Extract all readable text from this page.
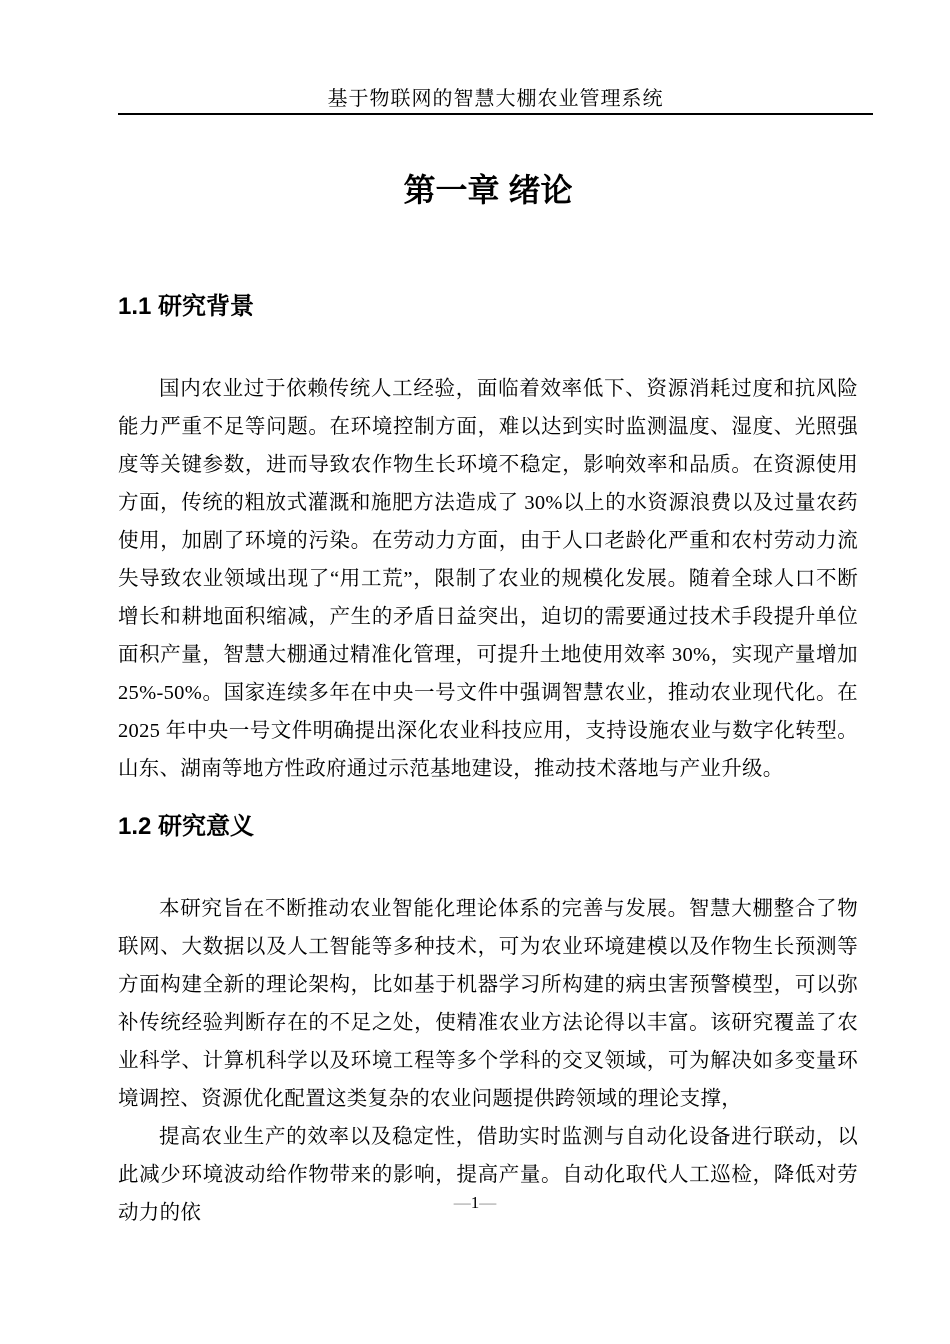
基于物联网的智慧大棚农业管理系统
第一章 绪论
1.1 研究背景

国内农业过于依赖传统人工经验，面临着效率低下、资源消耗过度和抗风险能力严重不足等问题。在环境控制方面，难以达到实时监测温度、湿度、光照强度等关键参数，进而导致农作物生长环境不稳定，影响效率和品质。在资源使用方面，传统的粗放式灌溉和施肥方法造成了 30%以上的水资源浪费以及过量农药使用，加剧了环境的污染。在劳动力方面，由于人口老龄化严重和农村劳动力流失导致农业领域出现了“用工荒”，限制了农业的规模化发展。随着全球人口不断增长和耕地面积缩减，产生的矛盾日益突出，迫切的需要通过技术手段提升单位面积产量，智慧大棚通过精准化管理，可提升土地使用效率 30%，实现产量增加 25%-50%。国家连续多年在中央一号文件中强调智慧农业，推动农业现代化。在 2025 年中央一号文件明确提出深化农业科技应用，支持设施农业与数字化转型。山东、湖南等地方性政府通过示范基地建设，推动技术落地与产业升级。

1.2 研究意义

本研究旨在不断推动农业智能化理论体系的完善与发展。智慧大棚整合了物联网、大数据以及人工智能等多种技术，可为农业环境建模以及作物生长预测等方面构建全新的理论架构，比如基于机器学习所构建的病虫害预警模型，可以弥补传统经验判断存在的不足之处，使精准农业方法论得以丰富。该研究覆盖了农业科学、计算机科学以及环境工程等多个学科的交叉领域，可为解决如多变量环境调控、资源优化配置这类复杂的农业问题提供跨领域的理论支撑，

提高农业生产的效率以及稳定性，借助实时监测与自动化设备进行联动，以此减少环境波动给作物带来的影响，提高产量。自动化取代人工巡检，降低对劳动力的依	—1—
